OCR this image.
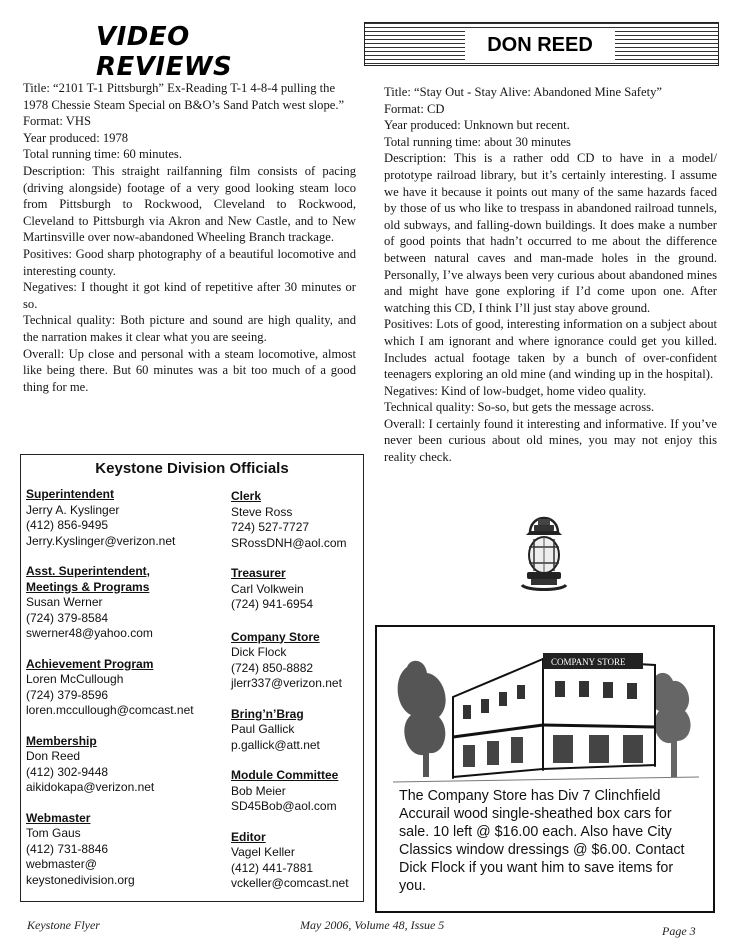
VIDEO REVIEWS
DON REED

Title: “2101 T-1 Pittsburgh” Ex-Reading T-1 4-8-4 pulling the 1978 Chessie Steam Special on B&O’s Sand Patch west slope.”

Format: VHS

Year produced: 1978

Total running time: 60 minutes.

Description: This straight railfanning film consists of pacing (driving alongside) footage of a very good looking steam loco from Pittsburgh to Rockwood, Cleveland to Rockwood, Cleveland to Pittsburgh via Akron and New Castle, and to New Martinsville over now-abandoned Wheeling Branch trackage.

Positives: Good sharp photography of a beautiful locomotive and interesting county.

Negatives: I thought it got kind of repetitive after 30 minutes or so.

Technical quality: Both picture and sound are high quality, and the narration makes it clear what you are seeing.

Overall: Up close and personal with a steam locomotive, almost like being there. But 60 minutes was a bit too much of a good thing for me.

Title: “Stay Out - Stay Alive: Abandoned Mine Safety”

Format: CD

Year produced: Unknown but recent.

Total running time: about 30 minutes

Description: This is a rather odd CD to have in a model/ prototype railroad library, but it’s certainly interesting. I assume we have it because it points out many of the same hazards faced by those of us who like to trespass in abandoned railroad tunnels, old subways, and falling-down buildings. It does make a number of good points that hadn’t occurred to me about the difference between natural caves and man-made holes in the ground. Personally, I’ve always been very curious about abandoned mines and might have gone exploring if I’d come upon one. After watching this CD, I think I’ll just stay above ground.

Positives: Lots of good, interesting information on a subject about which I am ignorant and where ignorance could get you killed. Includes actual footage taken by a bunch of over-confident teenagers exploring an old mine (and winding up in the hospital).

Negatives: Kind of low-budget, home video quality.

Technical quality: So-so, but gets the message across.

Overall: I certainly found it interesting and informative. If you’ve never been curious about old mines, you may not enjoy this reality check.

Keystone Division Officials
Superintendent
Jerry A. Kyslinger
(412) 856-9495
Jerry.Kyslinger@verizon.net
Asst. Superintendent,
Meetings & Programs
Susan Werner
(724) 379-8584
swerner48@yahoo.com
Achievement Program
Loren McCullough
(724) 379-8596
loren.mccullough@comcast.net
Membership
Don Reed
(412) 302-9448
aikidokapa@verizon.net
Webmaster
Tom Gaus
(412) 731-8846
webmaster@
keystonedivision.org
Clerk
Steve Ross
724) 527-7727
SRossDNH@aol.com
Treasurer
Carl Volkwein
(724) 941-6954
Company Store
Dick Flock
(724) 850-8882
jlerr337@verizon.net
Bring’n’Brag
Paul Gallick
p.gallick@att.net
Module Committee
Bob Meier
SD45Bob@aol.com
Editor
Vagel Keller
(412) 441-7881
vckeller@comcast.net
COMPANY STORE

The Company Store has Div 7 Clinchfield Accurail wood single-sheathed box cars for sale. 10 left @ $16.00 each. Also have City Classics window dressings @ $6.00. Contact Dick Flock if you want him to save items for you.

Keystone Flyer	May 2006, Volume 48, Issue 5	Page 3
